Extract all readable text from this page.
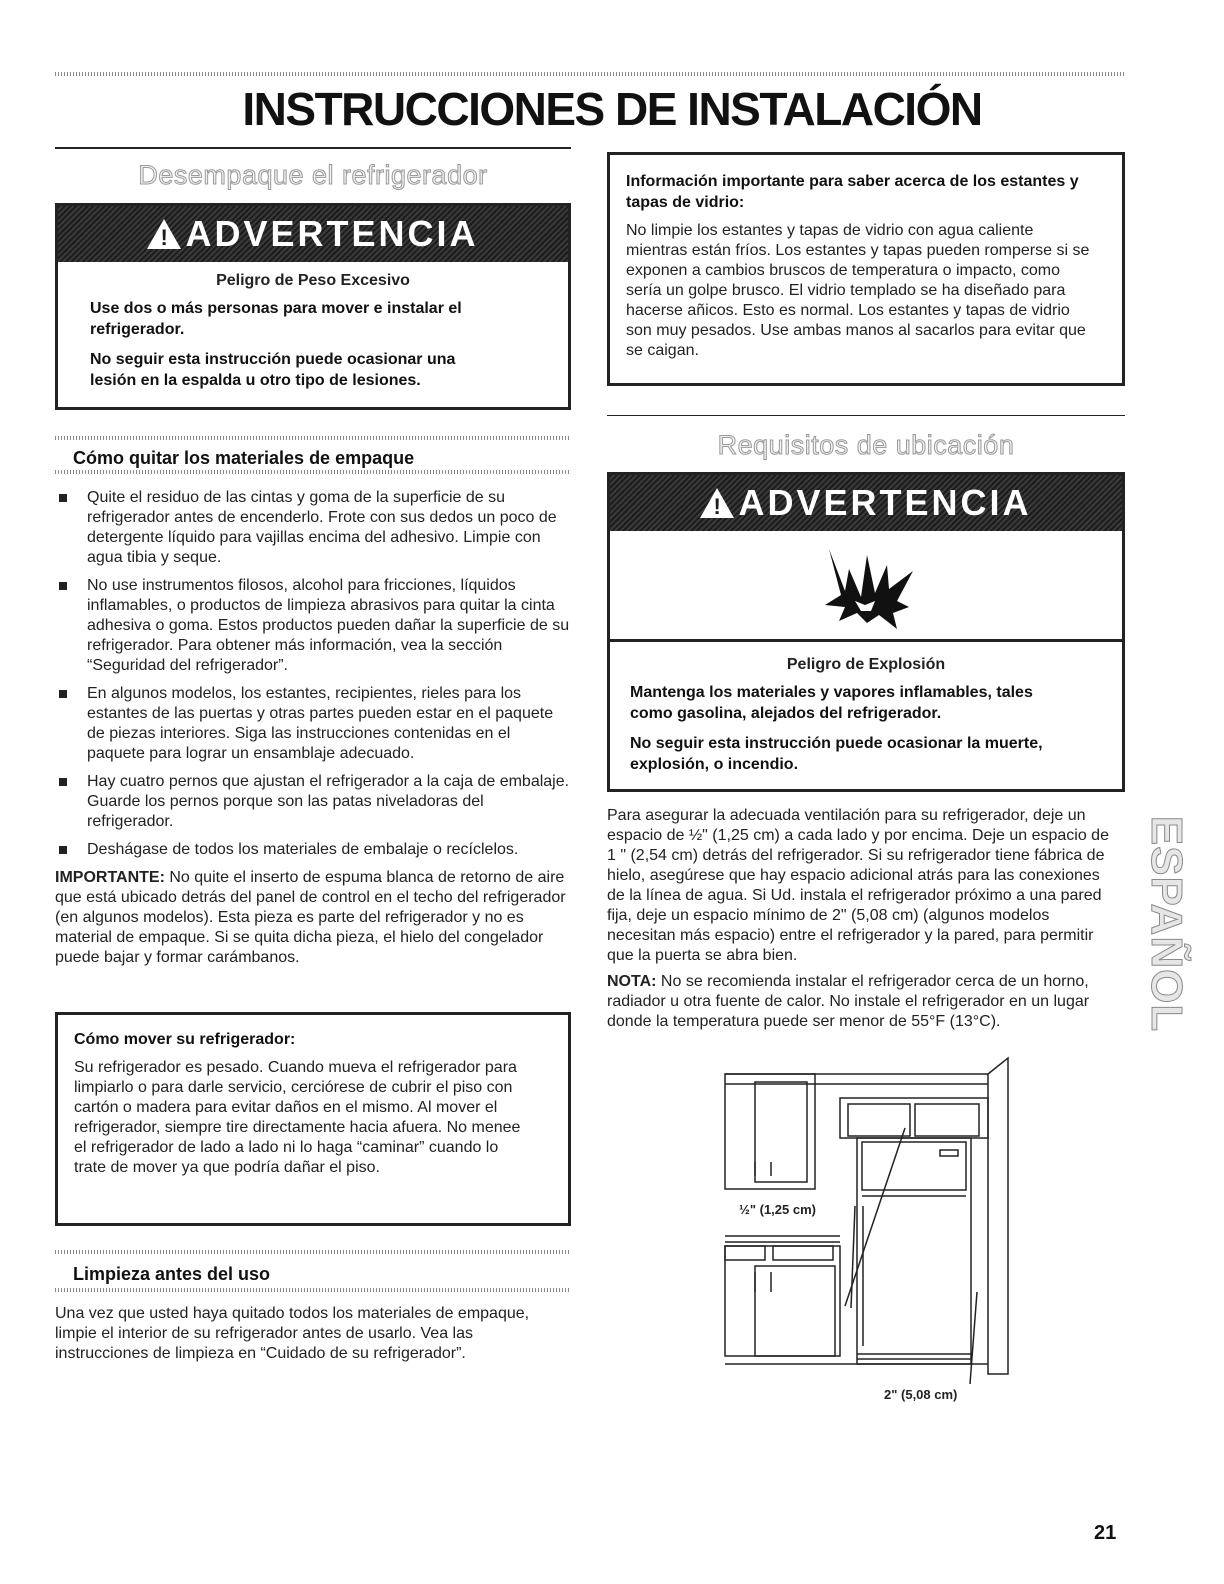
INSTRUCCIONES DE INSTALACIÓN
Desempaque el refrigerador
!
ADVERTENCIA
Peligro de Peso Excesivo

Use dos o más personas para mover e instalar el refrigerador.

No seguir esta instrucción puede ocasionar una lesión en la espalda u otro tipo de lesiones.

Cómo quitar los materiales de empaque
Quite el residuo de las cintas y goma de la superficie de su refrigerador antes de encenderlo. Frote con sus dedos un poco de detergente líquido para vajillas encima del adhesivo. Limpie con agua tibia y seque.
No use instrumentos filosos, alcohol para fricciones, líquidos inflamables, o productos de limpieza abrasivos para quitar la cinta adhesiva o goma. Estos productos pueden dañar la superficie de su refrigerador. Para obtener más información, vea la sección “Seguridad del refrigerador”.
En algunos modelos, los estantes, recipientes, rieles para los estantes de las puertas y otras partes pueden estar en el paquete de piezas interiores. Siga las instrucciones contenidas en el paquete para lograr un ensamblaje adecuado.
Hay cuatro pernos que ajustan el refrigerador a la caja de embalaje. Guarde los pernos porque son las patas niveladoras del refrigerador.
Deshágase de todos los materiales de embalaje o recíclelos.

IMPORTANTE: No quite el inserto de espuma blanca de retorno de aire que está ubicado detrás del panel de control en el techo del refrigerador (en algunos modelos). Esta pieza es parte del refrigerador y no es material de empaque. Si se quita dicha pieza, el hielo del congelador puede bajar y formar carámbanos.

Cómo mover su refrigerador:

Su refrigerador es pesado. Cuando mueva el refrigerador para limpiarlo o para darle servicio, cerciórese de cubrir el piso con cartón o madera para evitar daños en el mismo. Al mover el refrigerador, siempre tire directamente hacia afuera. No menee el refrigerador de lado a lado ni lo haga “caminar” cuando lo trate de mover ya que podría dañar el piso.

Limpieza antes del uso

Una vez que usted haya quitado todos los materiales de empaque, limpie el interior de su refrigerador antes de usarlo. Vea las instrucciones de limpieza en “Cuidado de su refrigerador”.

Información importante para saber acerca de los estantes y tapas de vidrio:

No limpie los estantes y tapas de vidrio con agua caliente mientras están fríos. Los estantes y tapas pueden romperse si se exponen a cambios bruscos de temperatura o impacto, como sería un golpe brusco. El vidrio templado se ha diseñado para hacerse añicos. Esto es normal. Los estantes y tapas de vidrio son muy pesados. Use ambas manos al sacarlos para evitar que se caigan.

Requisitos de ubicación
!
ADVERTENCIA
Peligro de Explosión

Mantenga los materiales y vapores inflamables, tales como gasolina, alejados del refrigerador.

No seguir esta instrucción puede ocasionar la muerte, explosión, o incendio.

Para asegurar la adecuada ventilación para su refrigerador, deje un espacio de ½" (1,25 cm) a cada lado y por encima. Deje un espacio de 1 " (2,54 cm) detrás del refrigerador. Si su refrigerador tiene fábrica de hielo, asegúrese que hay espacio adicional atrás para las conexiones de la línea de agua. Si Ud. instala el refrigerador próximo a una pared fija, deje un espacio mínimo de 2" (5,08 cm) (algunos modelos necesitan más espacio) entre el refrigerador y la pared, para permitir que la puerta se abra bien.

NOTA: No se recomienda instalar el refrigerador cerca de un horno, radiador u otra fuente de calor. No instale el refrigerador en un lugar donde la temperatura puede ser menor de 55°F (13°C).

½" (1,25 cm)
2" (5,08 cm)
ESPAÑOL
21
